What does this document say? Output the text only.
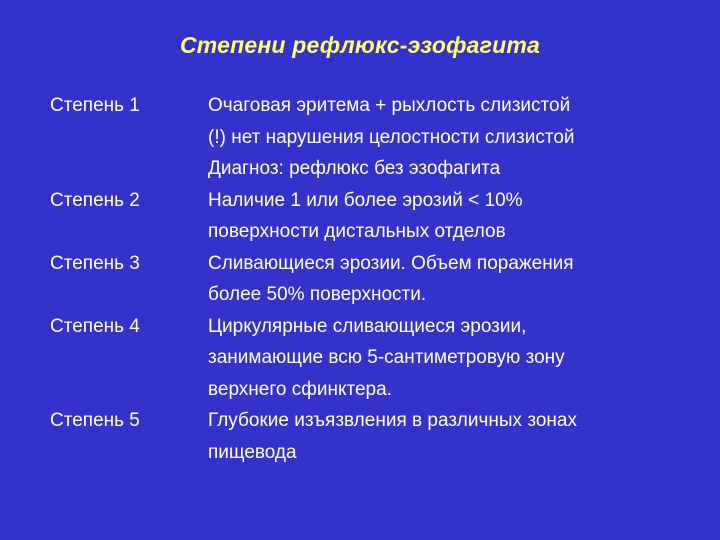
Степени рефлюкс-эзофагита
Степень 1	Очаговая эритема + рыхлость слизистой
(!) нет нарушения целостности слизистой
Диагноз: рефлюкс без эзофагита
Степень 2	Наличие 1 или более эрозий < 10%
поверхности дистальных отделов
Степень 3	Сливающиеся эрозии. Объем поражения
более 50% поверхности.
Степень 4	Циркулярные сливающиеся эрозии,
занимающие всю 5-сантиметровую зону
верхнего сфинктера.
Степень 5	Глубокие изъязвления в различных зонах
пищевода
